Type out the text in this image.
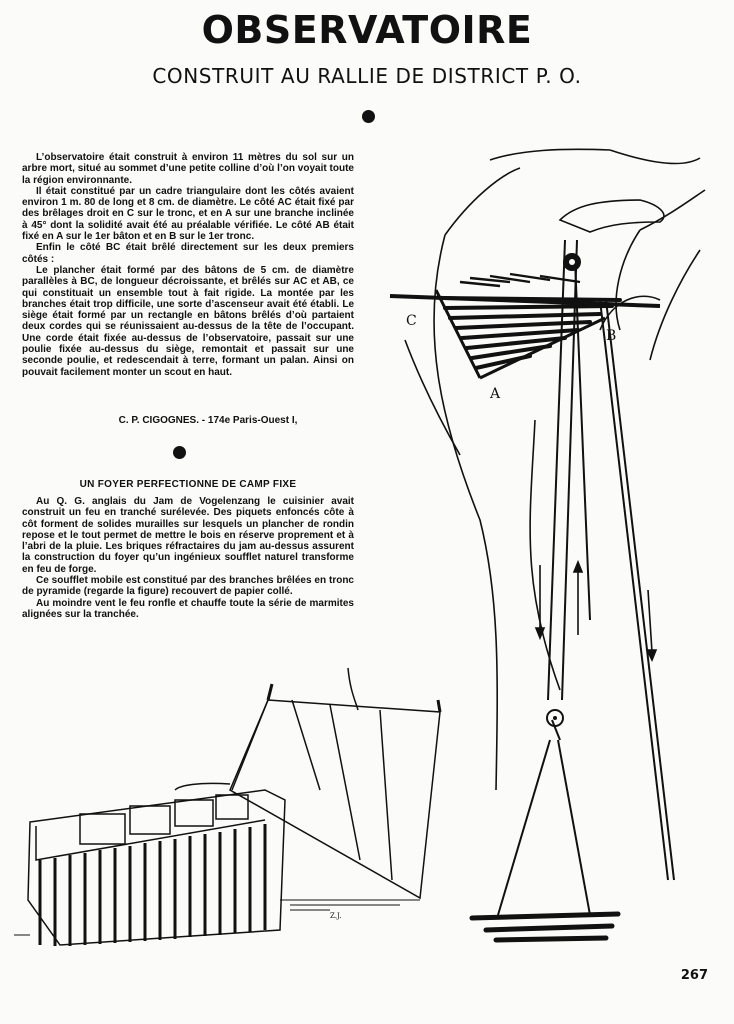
OBSERVATOIRE
CONSTRUIT AU RALLIE DE DISTRICT P. O.

L’observatoire était construit à environ 11 mètres du sol sur un arbre mort, situé au sommet d’une petite colline d’où l’on voyait toute la région environnante.

Il était constitué par un cadre triangulaire dont les côtés avaient environ 1 m. 80 de long et 8 cm. de diamètre. Le côté AC était fixé par des brêlages droit en C sur le tronc, et en A sur une branche inclinée à 45° dont la solidité avait été au préalable vérifiée. Le côté AB était fixé en A sur le 1er bâton et en B sur le 1er tronc.

Enfin le côté BC était brêlé directement sur les deux premiers côtés :

Le plancher était formé par des bâtons de 5 cm. de diamètre parallèles à BC, de longueur décroissante, et brêlés sur AC et AB, ce qui constituait un ensemble tout à fait rigide. La montée par les branches était trop difficile, une sorte d’ascenseur avait été établi. Le siège était formé par un rectangle en bâtons brêlés d’où partaient deux cordes qui se réunissaient au-dessus de la tête de l’occupant. Une corde était fixée au-dessus de l’observatoire, passait sur une poulie fixée au-dessus du siège, remontait et passait sur une seconde poulie, et redescendait à terre, formant un palan. Ainsi on pouvait facilement monter un scout en haut.

C. P. CIGOGNES. - 174e Paris-Ouest I,
UN FOYER PERFECTIONNE DE CAMP FIXE

Au Q. G. anglais du Jam de Vogelenzang le cuisinier avait construit un feu en tranché surélevée. Des piquets enfoncés côte à côt forment de solides murailles sur lesquels un plancher de rondin repose et le tout permet de mettre le bois en réserve proprement et à l’abri de la pluie. Les briques réfractaires du jam au-dessus assurent la construction du foyer qu’un ingénieux soufflet naturel transforme en feu de forge.

Ce soufflet mobile est constitué par des branches brêlées en tronc de pyramide (regarde la figure) recouvert de papier collé.

Au moindre vent le feu ronfle et chauffe toute la série de marmites alignées sur la tranchée.

C
A
B
Z.J.
267
